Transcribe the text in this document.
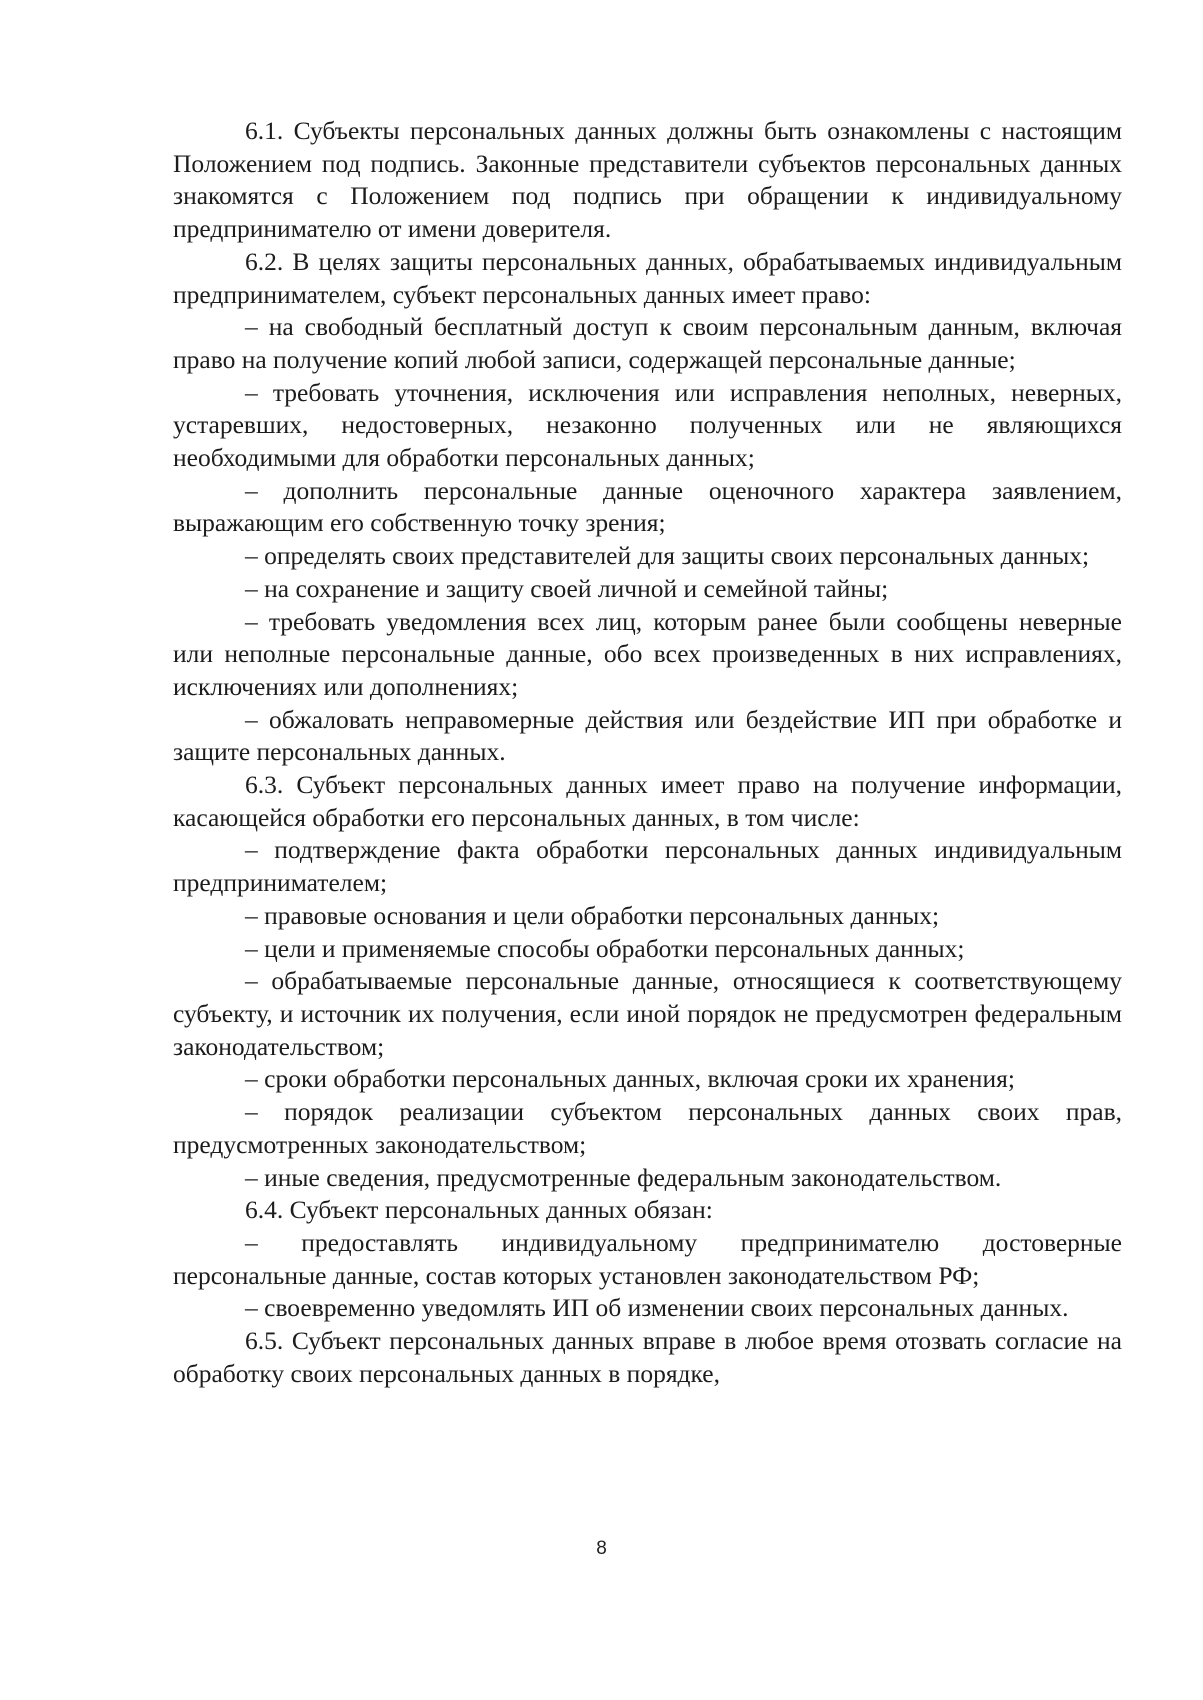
6.1. Субъекты персональных данных должны быть ознакомлены с настоящим Положением под подпись. Законные представители субъектов персональных данных знакомятся с Положением под подпись при обращении к индивидуальному предпринимателю от имени доверителя.

6.2. В целях защиты персональных данных, обрабатываемых индивидуальным предпринимателем, субъект персональных данных имеет право:

– на свободный бесплатный доступ к своим персональным данным, включая право на получение копий любой записи, содержащей персональные данные;

– требовать уточнения, исключения или исправления неполных, неверных, устаревших, недостоверных, незаконно полученных или не являющихся необходимыми для обработки персональных данных;

– дополнить персональные данные оценочного характера заявлением, выражающим его собственную точку зрения;

– определять своих представителей для защиты своих персональных данных;

– на сохранение и защиту своей личной и семейной тайны;

– требовать уведомления всех лиц, которым ранее были сообщены неверные или неполные персональные данные, обо всех произведенных в них исправлениях, исключениях или дополнениях;

– обжаловать неправомерные действия или бездействие ИП при обработке и защите персональных данных.

6.3. Субъект персональных данных имеет право на получение информации, касающейся обработки его персональных данных, в том числе:

– подтверждение факта обработки персональных данных индивидуальным предпринимателем;

– правовые основания и цели обработки персональных данных;

– цели и применяемые способы обработки персональных данных;

– обрабатываемые персональные данные, относящиеся к соответствующему субъекту, и источник их получения, если иной порядок не предусмотрен федеральным законодательством;

– сроки обработки персональных данных, включая сроки их хранения;

– порядок реализации субъектом персональных данных своих прав, предусмотренных законодательством;

– иные сведения, предусмотренные федеральным законодательством.

6.4. Субъект персональных данных обязан:

– предоставлять индивидуальному предпринимателю достоверные персональные данные, состав которых установлен законодательством РФ;

– своевременно уведомлять ИП об изменении своих персональных данных.

6.5. Субъект персональных данных вправе в любое время отозвать согласие на обработку своих персональных данных в порядке,

8
